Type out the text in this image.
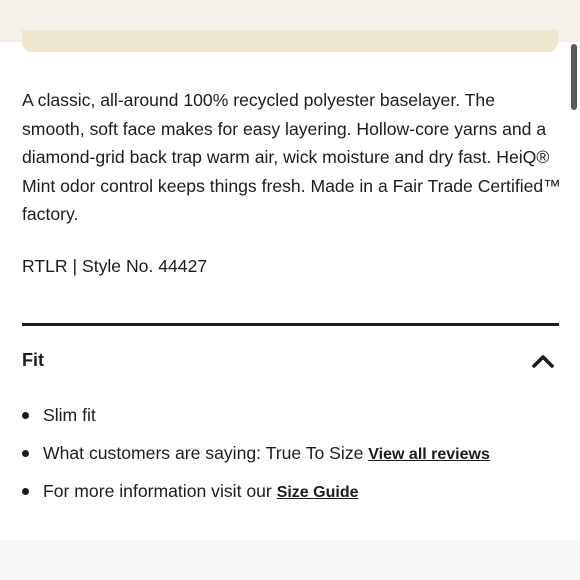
A classic, all-around 100% recycled polyester baselayer. The smooth, soft face makes for easy layering. Hollow-core yarns and a diamond-grid back trap warm air, wick moisture and dry fast. HeiQ® Mint odor control keeps things fresh. Made in a Fair Trade Certified™ factory.

RTLR | Style No. 44427

Fit
Slim fit
What customers are saying: True To Size View all reviews
For more information visit our Size Guide
